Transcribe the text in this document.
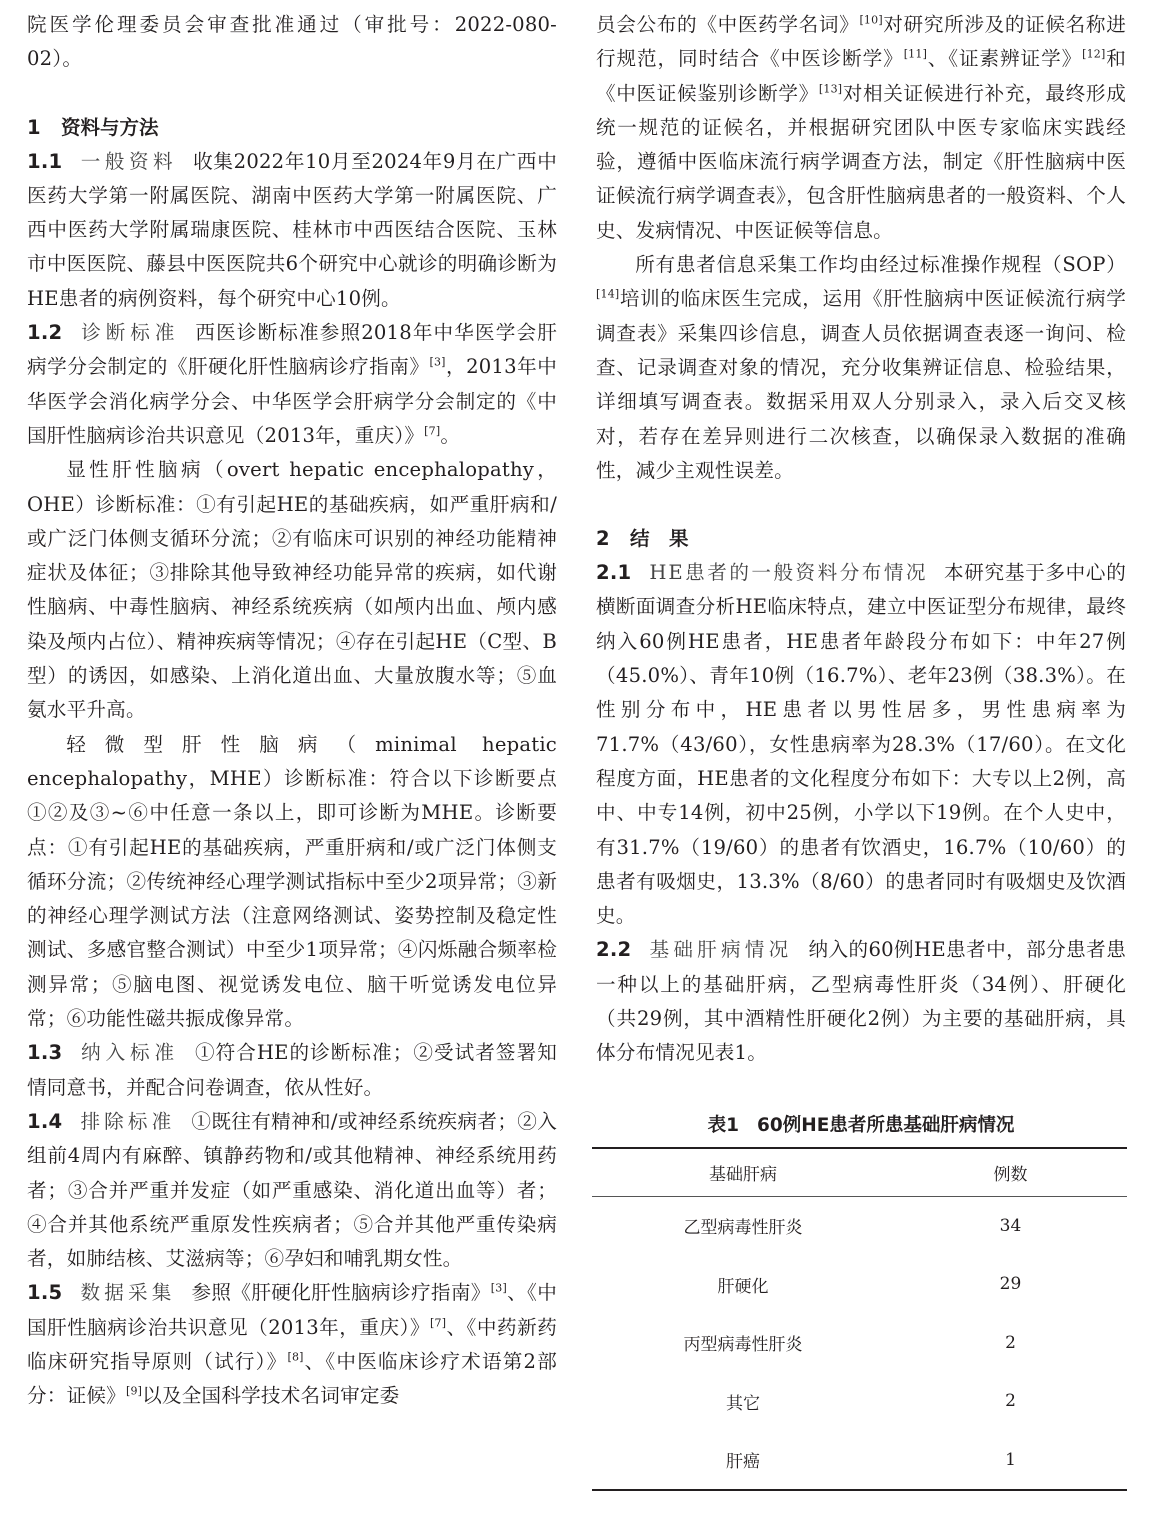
院医学伦理委员会审查批准通过（审批号：2022-080-02）。

1 资料与方法

1.1 一般资料 收集2022年10月至2024年9月在广西中医药大学第一附属医院、湖南中医药大学第一附属医院、广西中医药大学附属瑞康医院、桂林市中西医结合医院、玉林市中医医院、藤县中医医院共6个研究中心就诊的明确诊断为HE患者的病例资料，每个研究中心10例。

1.2 诊断标准 西医诊断标准参照2018年中华医学会肝病学分会制定的《肝硬化肝性脑病诊疗指南》[3]，2013年中华医学会消化病学分会、中华医学会肝病学分会制定的《中国肝性脑病诊治共识意见（2013年，重庆）》[7]。

显性肝性脑病（overt hepatic encephalopathy，OHE）诊断标准：①有引起HE的基础疾病，如严重肝病和/或广泛门体侧支循环分流；②有临床可识别的神经功能精神症状及体征；③排除其他导致神经功能异常的疾病，如代谢性脑病、中毒性脑病、神经系统疾病（如颅内出血、颅内感染及颅内占位）、精神疾病等情况；④存在引起HE（C型、B型）的诱因，如感染、上消化道出血、大量放腹水等；⑤血氨水平升高。

轻微型肝性脑病（minimal hepatic encephalopathy，MHE）诊断标准：符合以下诊断要点①②及③~⑥中任意一条以上，即可诊断为MHE。诊断要点：①有引起HE的基础疾病，严重肝病和/或广泛门体侧支循环分流；②传统神经心理学测试指标中至少2项异常；③新的神经心理学测试方法（注意网络测试、姿势控制及稳定性测试、多感官整合测试）中至少1项异常；④闪烁融合频率检测异常；⑤脑电图、视觉诱发电位、脑干听觉诱发电位异常；⑥功能性磁共振成像异常。

1.3 纳入标准 ①符合HE的诊断标准；②受试者签署知情同意书，并配合问卷调查，依从性好。

1.4 排除标准 ①既往有精神和/或神经系统疾病者；②入组前4周内有麻醉、镇静药物和/或其他精神、神经系统用药者；③合并严重并发症（如严重感染、消化道出血等）者；④合并其他系统严重原发性疾病者；⑤合并其他严重传染病者，如肺结核、艾滋病等；⑥孕妇和哺乳期女性。

1.5 数据采集 参照《肝硬化肝性脑病诊疗指南》[3]、《中国肝性脑病诊治共识意见（2013年，重庆）》[7]、《中药新药临床研究指导原则（试行）》[8]、《中医临床诊疗术语第2部分：证候》[9]以及全国科学技术名词审定委

员会公布的《中医药学名词》[10]对研究所涉及的证候名称进行规范，同时结合《中医诊断学》[11]、《证素辨证学》[12]和《中医证候鉴别诊断学》[13]对相关证候进行补充，最终形成统一规范的证候名，并根据研究团队中医专家临床实践经验，遵循中医临床流行病学调查方法，制定《肝性脑病中医证候流行病学调查表》，包含肝性脑病患者的一般资料、个人史、发病情况、中医证候等信息。

所有患者信息采集工作均由经过标准操作规程（SOP）[14]培训的临床医生完成，运用《肝性脑病中医证候流行病学调查表》采集四诊信息，调查人员依据调查表逐一询问、检查、记录调查对象的情况，充分收集辨证信息、检验结果，详细填写调查表。数据采用双人分别录入，录入后交叉核对，若存在差异则进行二次核查，以确保录入数据的准确性，减少主观性误差。

2 结　果

2.1 HE患者的一般资料分布情况 本研究基于多中心的横断面调查分析HE临床特点，建立中医证型分布规律，最终纳入60例HE患者，HE患者年龄段分布如下：中年27例（45.0%）、青年10例（16.7%）、老年23例（38.3%）。在性别分布中，HE患者以男性居多，男性患病率为71.7%（43/60），女性患病率为28.3%（17/60）。在文化程度方面，HE患者的文化程度分布如下：大专以上2例，高中、中专14例，初中25例，小学以下19例。在个人史中，有31.7%（19/60）的患者有饮酒史，16.7%（10/60）的患者有吸烟史，13.3%（8/60）的患者同时有吸烟史及饮酒史。

2.2 基础肝病情况 纳入的60例HE患者中，部分患者患一种以上的基础肝病，乙型病毒性肝炎（34例）、肝硬化（共29例，其中酒精性肝硬化2例）为主要的基础肝病，具体分布情况见表1。

表1 60例HE患者所患基础肝病情况
基础肝病	例数
乙型病毒性肝炎	34
肝硬化	29
丙型病毒性肝炎	2
其它	2
肝癌	1
